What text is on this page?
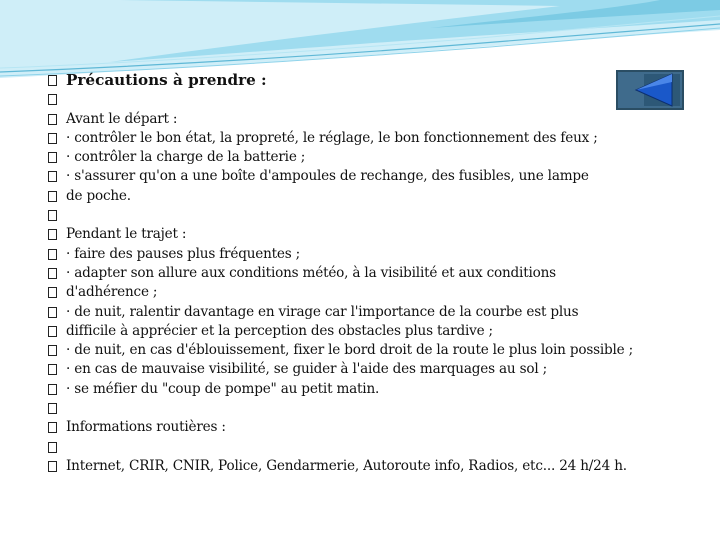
Précautions à prendre :
Avant le départ :
· contrôler le bon état, la propreté, le réglage, le bon fonctionnement des feux ;
· contrôler la charge de la batterie ;
· s'assurer qu'on a une boîte d'ampoules de rechange, des fusibles, une lampe
de poche.
Pendant le trajet :
· faire des pauses plus fréquentes ;
· adapter son allure aux conditions météo, à la visibilité et aux conditions
d'adhérence ;
· de nuit, ralentir davantage en virage car l'importance de la courbe est plus
difficile à apprécier et la perception des obstacles plus tardive ;
· de nuit, en cas d'éblouissement, fixer le bord droit de la route le plus loin possible ;
· en cas de mauvaise visibilité, se guider à l'aide des marquages au sol ;
· se méfier du "coup de pompe" au petit matin.
Informations routières :
Internet, CRIR, CNIR, Police, Gendarmerie, Autoroute info, Radios, etc... 24 h/24 h.
